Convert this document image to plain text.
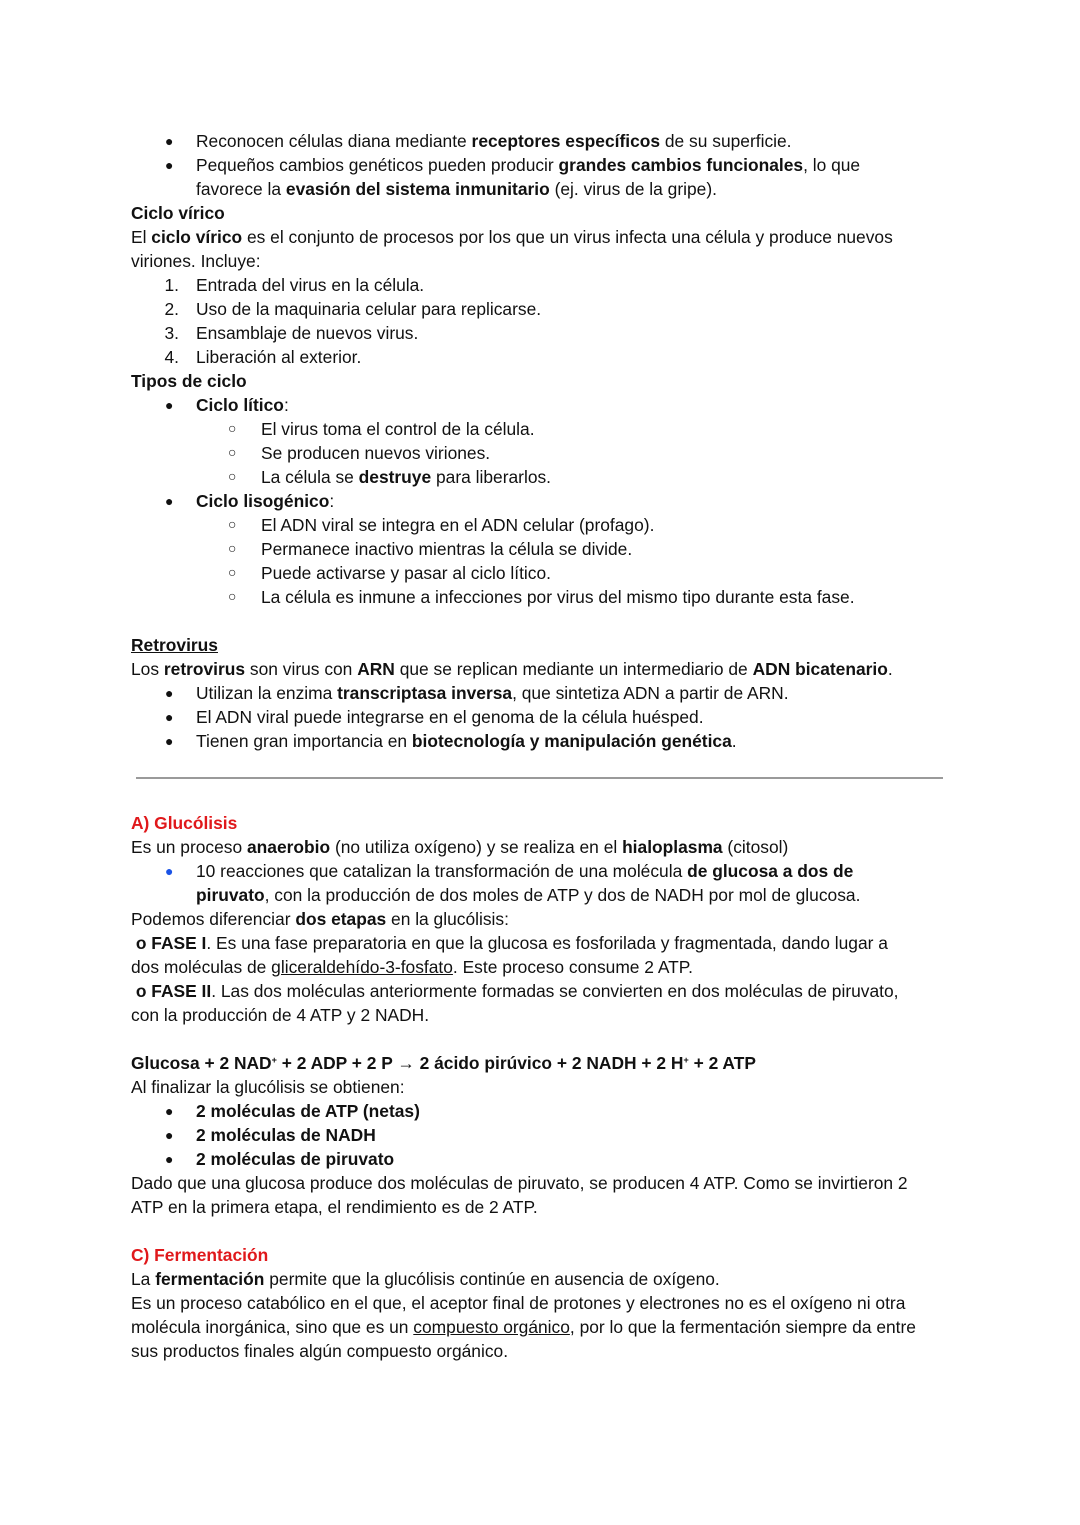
● Reconocen células diana mediante receptores específicos de su superficie.
● Pequeños cambios genéticos pueden producir grandes cambios funcionales, lo que
favorece la evasión del sistema inmunitario (ej. virus de la gripe).
Ciclo vírico
El ciclo vírico es el conjunto de procesos por los que un virus infecta una célula y produce nuevos
viriones. Incluye:
1. Entrada del virus en la célula.
2. Uso de la maquinaria celular para replicarse.
3. Ensamblaje de nuevos virus.
4. Liberación al exterior.
Tipos de ciclo
● Ciclo lítico:
○ El virus toma el control de la célula.
○ Se producen nuevos viriones.
○ La célula se destruye para liberarlos.
● Ciclo lisogénico:
○ El ADN viral se integra en el ADN celular (profago).
○ Permanece inactivo mientras la célula se divide.
○ Puede activarse y pasar al ciclo lítico.
○ La célula es inmune a infecciones por virus del mismo tipo durante esta fase.
Retrovirus
Los retrovirus son virus con ARN que se replican mediante un intermediario de ADN bicatenario.
● Utilizan la enzima transcriptasa inversa, que sintetiza ADN a partir de ARN.
● El ADN viral puede integrarse en el genoma de la célula huésped.
● Tienen gran importancia en biotecnología y manipulación genética.
A) Glucólisis
Es un proceso anaerobio (no utiliza oxígeno) y se realiza en el hialoplasma (citosol)
● 10 reacciones que catalizan la transformación de una molécula de glucosa a dos de
piruvato, con la producción de dos moles de ATP y dos de NADH por mol de glucosa.
Podemos diferenciar dos etapas en la glucólisis:
o FASE I. Es una fase preparatoria en que la glucosa es fosforilada y fragmentada, dando lugar a
dos moléculas de gliceraldehído-3-fosfato. Este proceso consume 2 ATP.
o FASE II. Las dos moléculas anteriormente formadas se convierten en dos moléculas de piruvato,
con la producción de 4 ATP y 2 NADH.
Glucosa + 2 NAD+ + 2 ADP + 2 P → 2 ácido pirúvico + 2 NADH + 2 H+ + 2 ATP
Al finalizar la glucólisis se obtienen:
● 2 moléculas de ATP (netas)
● 2 moléculas de NADH
● 2 moléculas de piruvato
Dado que una glucosa produce dos moléculas de piruvato, se producen 4 ATP. Como se invirtieron 2
ATP en la primera etapa, el rendimiento es de 2 ATP.
C) Fermentación
La fermentación permite que la glucólisis continúe en ausencia de oxígeno.
Es un proceso catabólico en el que, el aceptor final de protones y electrones no es el oxígeno ni otra
molécula inorgánica, sino que es un compuesto orgánico, por lo que la fermentación siempre da entre
sus productos finales algún compuesto orgánico.
